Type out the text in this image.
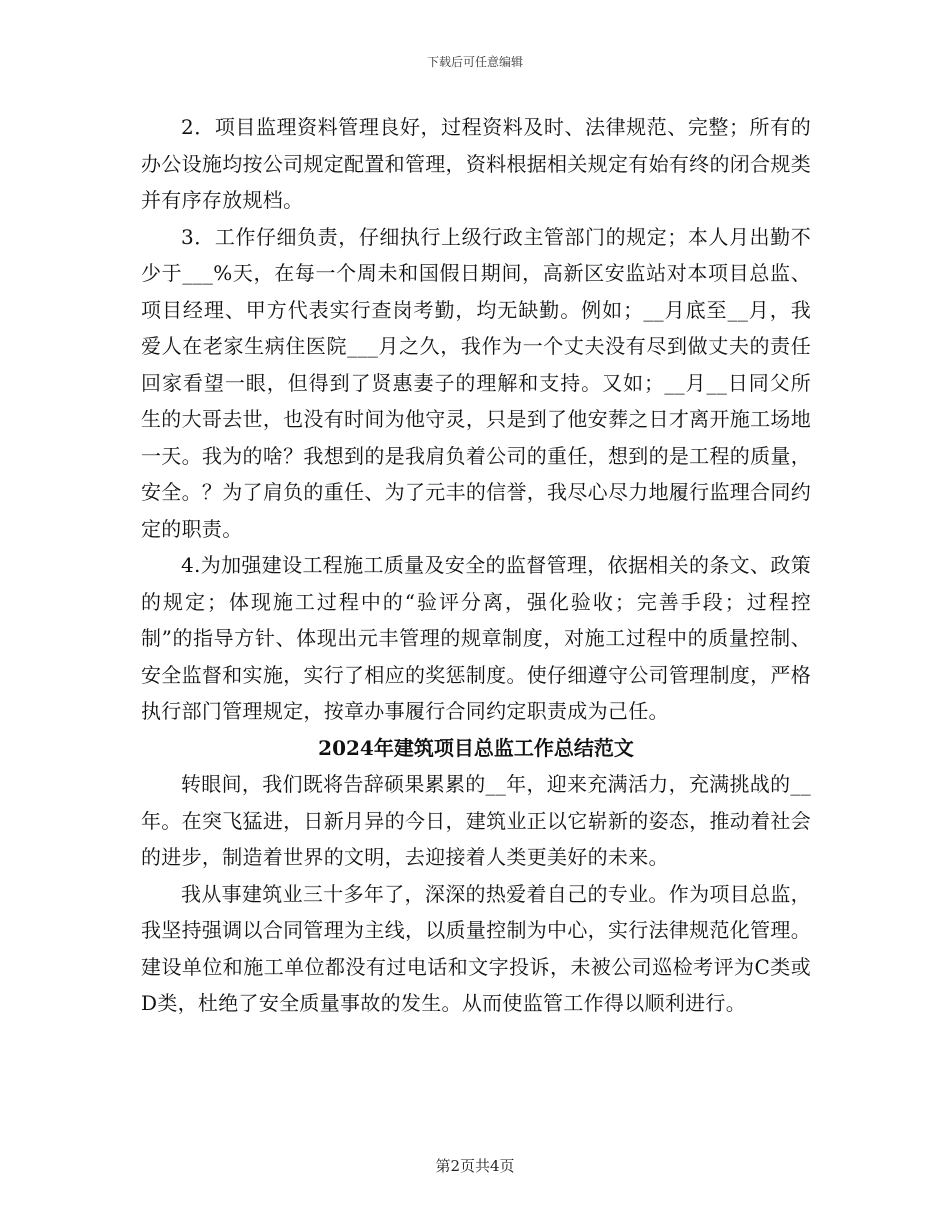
下载后可任意编辑

2．项目监理资料管理良好，过程资料及时、法律规范、完整；所有的办公设施均按公司规定配置和管理，资料根据相关规定有始有终的闭合规类并有序存放规档。

3．工作仔细负责，仔细执行上级行政主管部门的规定；本人月出勤不少于___%天，在每一个周未和国假日期间，高新区安监站对本项目总监、项目经理、甲方代表实行查岗考勤，均无缺勤。例如；__月底至__月，我爱人在老家生病住医院___月之久，我作为一个丈夫没有尽到做丈夫的责任回家看望一眼，但得到了贤惠妻子的理解和支持。又如；__月__日同父所生的大哥去世，也没有时间为他守灵，只是到了他安葬之日才离开施工场地一天。我为的啥？我想到的是我肩负着公司的重任，想到的是工程的质量，安全。？为了肩负的重任、为了元丰的信誉，我尽心尽力地履行监理合同约定的职责。

4.为加强建设工程施工质量及安全的监督管理，依据相关的条文、政策的规定；体现施工过程中的“验评分离，强化验收；完善手段；过程控制”的指导方针、体现出元丰管理的规章制度，对施工过程中的质量控制、安全监督和实施，实行了相应的奖惩制度。使仔细遵守公司管理制度，严格执行部门管理规定，按章办事履行合同约定职责成为己任。

2024年建筑项目总监工作总结范文

转眼间，我们既将告辞硕果累累的__年，迎来充满活力，充满挑战的__年。在突飞猛进，日新月异的今日，建筑业正以它崭新的姿态，推动着社会的进步，制造着世界的文明，去迎接着人类更美好的未来。

我从事建筑业三十多年了，深深的热爱着自己的专业。作为项目总监，我坚持强调以合同管理为主线，以质量控制为中心，实行法律规范化管理。建设单位和施工单位都没有过电话和文字投诉，未被公司巡检考评为C类或D类，杜绝了安全质量事故的发生。从而使监管工作得以顺利进行。

第2页共4页
